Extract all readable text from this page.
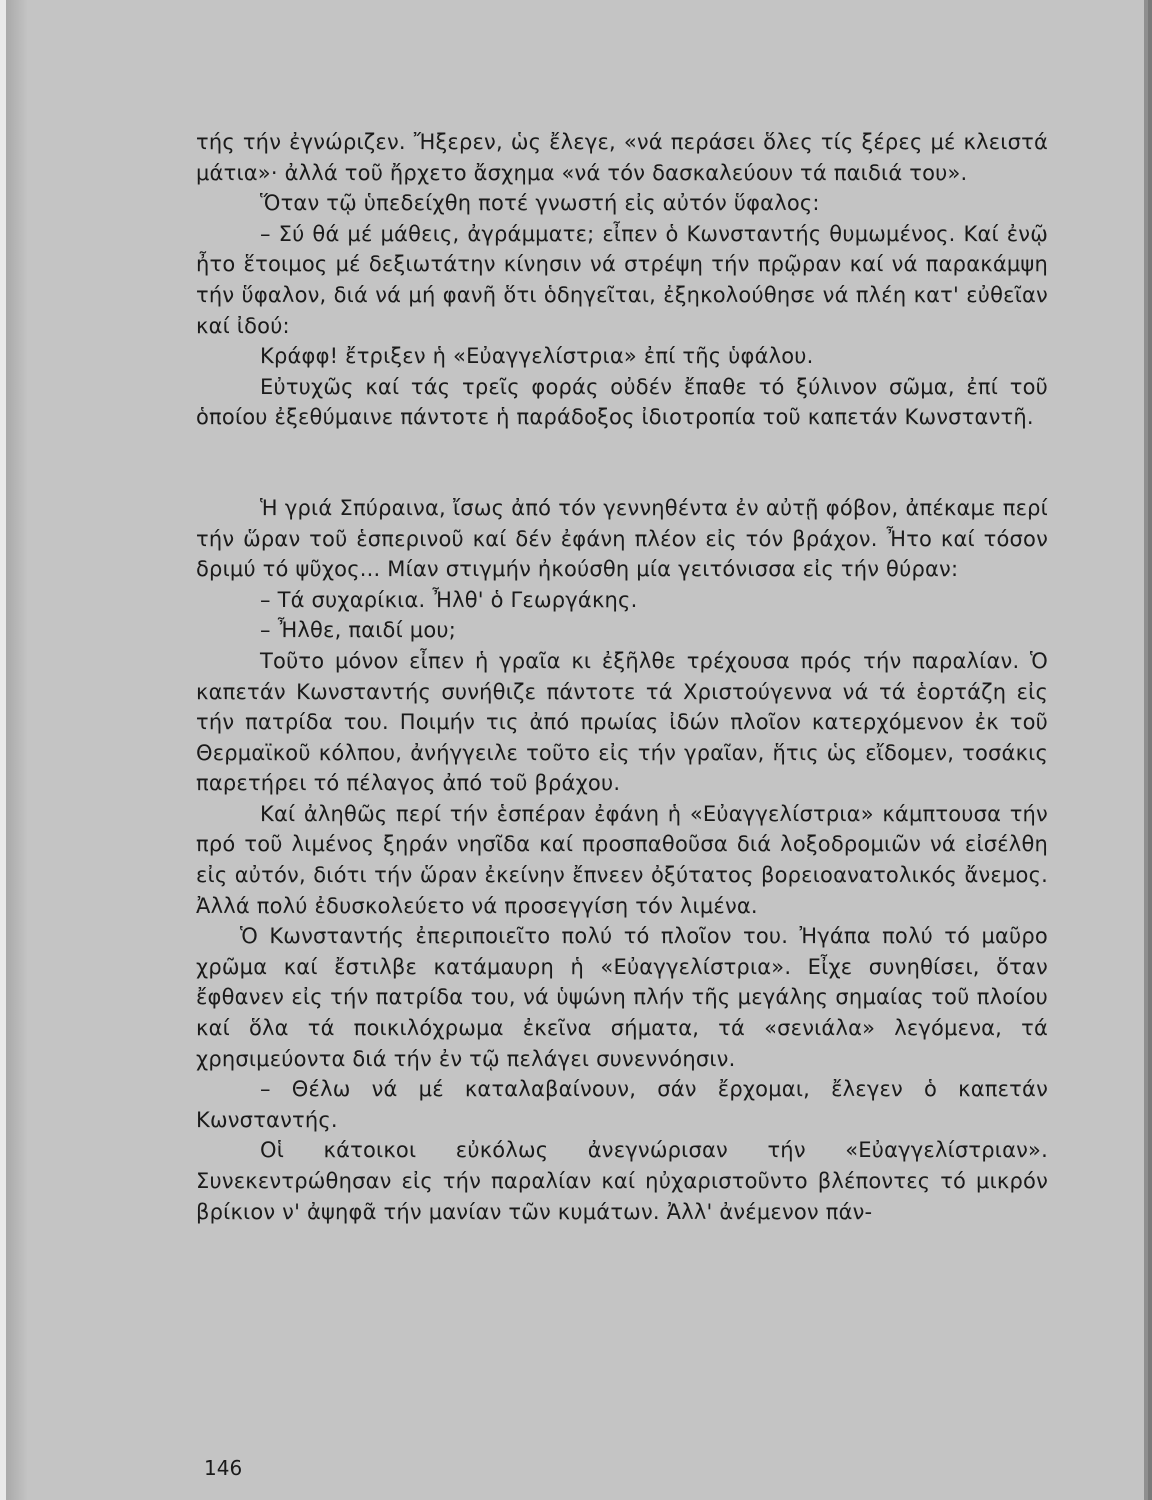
τής τήν ἐγνώριζεν. Ἤξερεν, ὡς ἔλεγε, «νά περάσει ὅλες τίς ξέρες μέ κλειστά μάτια»· ἀλλά τοῦ ἤρχετο ἄσχημα «νά τόν δασκαλεύουν τά παιδιά του».

Ὅταν τῷ ὑπεδείχθη ποτέ γνωστή εἰς αὐτόν ὕφαλος:

– Σύ θά μέ μάθεις, ἀγράμματε; εἶπεν ὁ Κωνσταντής θυμωμένος. Καί ἐνῷ ἦτο ἕτοιμος μέ δεξιωτάτην κίνησιν νά στρέψη τήν πρῷραν καί νά παρακάμψη τήν ὕφαλον, διά νά μή φανῆ ὅτι ὁδηγεῖται, ἐξηκολούθησε νά πλέη κατ' εὐθεῖαν καί ἰδού:

Κράφφ! ἔτριξεν ἡ «Εὐαγγελίστρια» ἐπί τῆς ὑφάλου.

Εὐτυχῶς καί τάς τρεῖς φοράς οὐδέν ἔπαθε τό ξύλινον σῶμα, ἐπί τοῦ ὁποίου ἐξεθύμαινε πάντοτε ἡ παράδοξος ἰδιοτροπία τοῦ καπετάν Κωνσταντῆ.

Ἡ γριά Σπύραινα, ἴσως ἀπό τόν γεννηθέντα ἐν αὐτῇ φόβον, ἀπέκαμε περί τήν ὥραν τοῦ ἑσπερινοῦ καί δέν ἐφάνη πλέον εἰς τόν βράχον. Ἦτο καί τόσον δριμύ τό ψῦχος... Μίαν στιγμήν ἠκούσθη μία γειτόνισσα εἰς τήν θύραν:

– Τά συχαρίκια. Ἦλθ' ὁ Γεωργάκης.

– Ἦλθε, παιδί μου;

Τοῦτο μόνον εἶπεν ἡ γραῖα κι ἐξῆλθε τρέχουσα πρός τήν παραλίαν. Ὁ καπετάν Κωνσταντής συνήθιζε πάντοτε τά Χριστούγεννα νά τά ἑορτάζη εἰς τήν πατρίδα του. Ποιμήν τις ἀπό πρωίας ἰδών πλοῖον κατερχόμενον ἐκ τοῦ Θερμαϊκοῦ κόλπου, ἀνήγγειλε τοῦτο εἰς τήν γραῖαν, ἥτις ὡς εἴδομεν, τοσάκις παρετήρει τό πέλαγος ἀπό τοῦ βράχου.

Καί ἀληθῶς περί τήν ἑσπέραν ἐφάνη ἡ «Εὐαγγελίστρια» κάμπτουσα τήν πρό τοῦ λιμένος ξηράν νησῖδα καί προσπαθοῦσα διά λοξοδρομιῶν νά εἰσέλθη εἰς αὐτόν, διότι τήν ὥραν ἐκείνην ἔπνεεν ὀξύτατος βορειοανατολικός ἄνεμος. Ἀλλά πολύ ἐδυσκολεύετο νά προσεγγίση τόν λιμένα.

Ὁ Κωνσταντής ἐπεριποιεῖτο πολύ τό πλοῖον του. Ἠγάπα πολύ τό μαῦρο χρῶμα καί ἔστιλβε κατάμαυρη ἡ «Εὐαγγελίστρια». Εἶχε συνηθίσει, ὅταν ἔφθανεν εἰς τήν πατρίδα του, νά ὑψώνη πλήν τῆς μεγάλης σημαίας τοῦ πλοίου καί ὅλα τά ποικιλόχρωμα ἐκεῖνα σήματα, τά «σενιάλα» λεγόμενα, τά χρησιμεύοντα διά τήν ἐν τῷ πελάγει συνεννόησιν.

– Θέλω νά μέ καταλαβαίνουν, σάν ἔρχομαι, ἔλεγεν ὁ καπετάν Κωνσταντής.

Οἱ κάτοικοι εὐκόλως ἀνεγνώρισαν τήν «Εὐαγγελίστριαν». Συνεκεντρώθησαν εἰς τήν παραλίαν καί ηὐχαριστοῦντο βλέποντες τό μικρόν βρίκιον ν' ἀψηφᾶ τήν μανίαν τῶν κυμάτων. Ἀλλ' ἀνέμενον πάν-

146
